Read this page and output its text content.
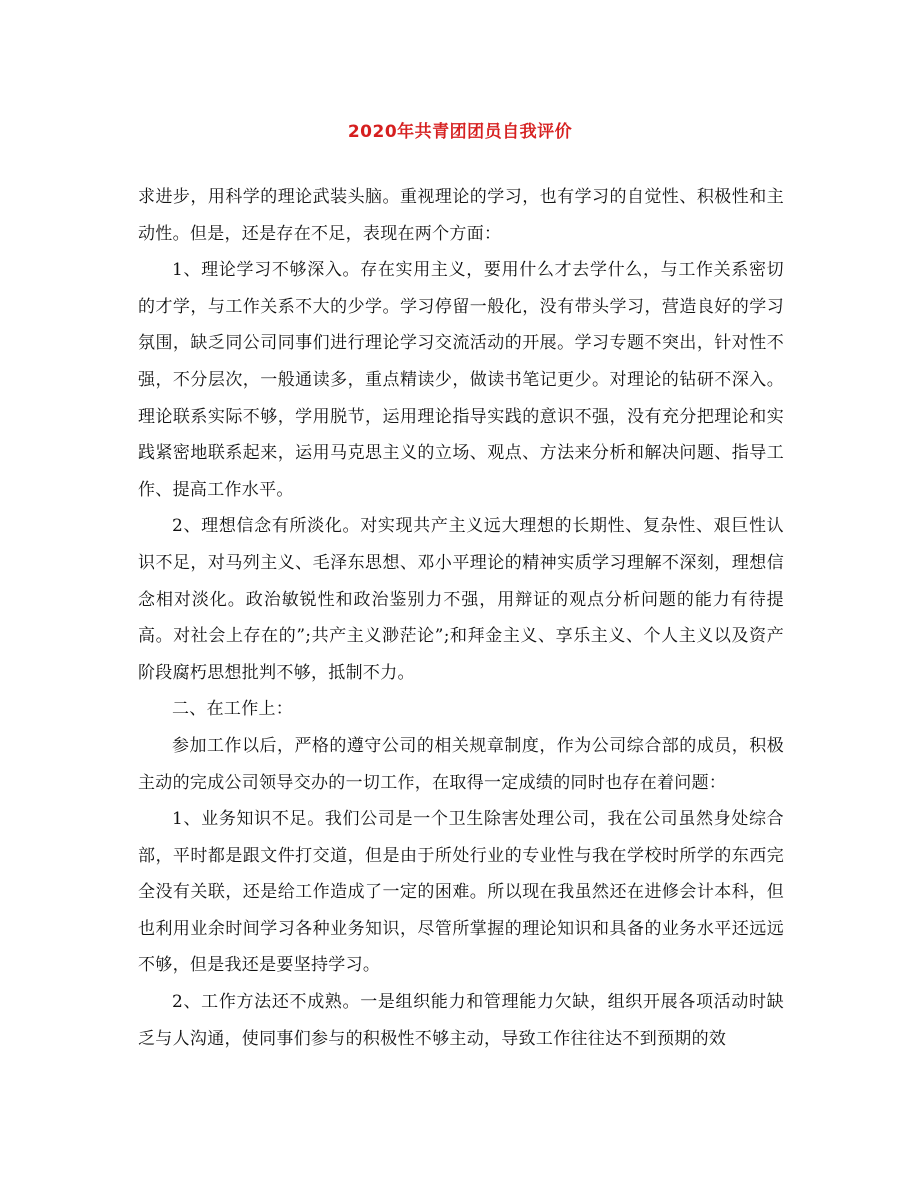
2020年共青团团员自我评价

求进步，用科学的理论武装头脑。重视理论的学习，也有学习的自觉性、积极性和主动性。但是，还是存在不足，表现在两个方面：

1、理论学习不够深入。存在实用主义，要用什么才去学什么，与工作关系密切的才学，与工作关系不大的少学。学习停留一般化，没有带头学习，营造良好的学习氛围，缺乏同公司同事们进行理论学习交流活动的开展。学习专题不突出，针对性不强，不分层次，一般通读多，重点精读少，做读书笔记更少。对理论的钻研不深入。理论联系实际不够，学用脱节，运用理论指导实践的意识不强，没有充分把理论和实践紧密地联系起来，运用马克思主义的立场、观点、方法来分析和解决问题、指导工作、提高工作水平。

2、理想信念有所淡化。对实现共产主义远大理想的长期性、复杂性、艰巨性认识不足，对马列主义、毛泽东思想、邓小平理论的精神实质学习理解不深刻，理想信念相对淡化。政治敏锐性和政治鉴别力不强，用辩证的观点分析问题的能力有待提高。对社会上存在的”;共产主义渺茫论”;和拜金主义、享乐主义、个人主义以及资产阶段腐朽思想批判不够，抵制不力。

二、在工作上：

参加工作以后，严格的遵守公司的相关规章制度，作为公司综合部的成员，积极主动的完成公司领导交办的一切工作，在取得一定成绩的同时也存在着问题：

1、业务知识不足。我们公司是一个卫生除害处理公司，我在公司虽然身处综合部，平时都是跟文件打交道，但是由于所处行业的专业性与我在学校时所学的东西完全没有关联，还是给工作造成了一定的困难。所以现在我虽然还在进修会计本科，但也利用业余时间学习各种业务知识，尽管所掌握的理论知识和具备的业务水平还远远不够，但是我还是要坚持学习。

2、工作方法还不成熟。一是组织能力和管理能力欠缺，组织开展各项活动时缺乏与人沟通，使同事们参与的积极性不够主动，导致工作往往达不到预期的效
